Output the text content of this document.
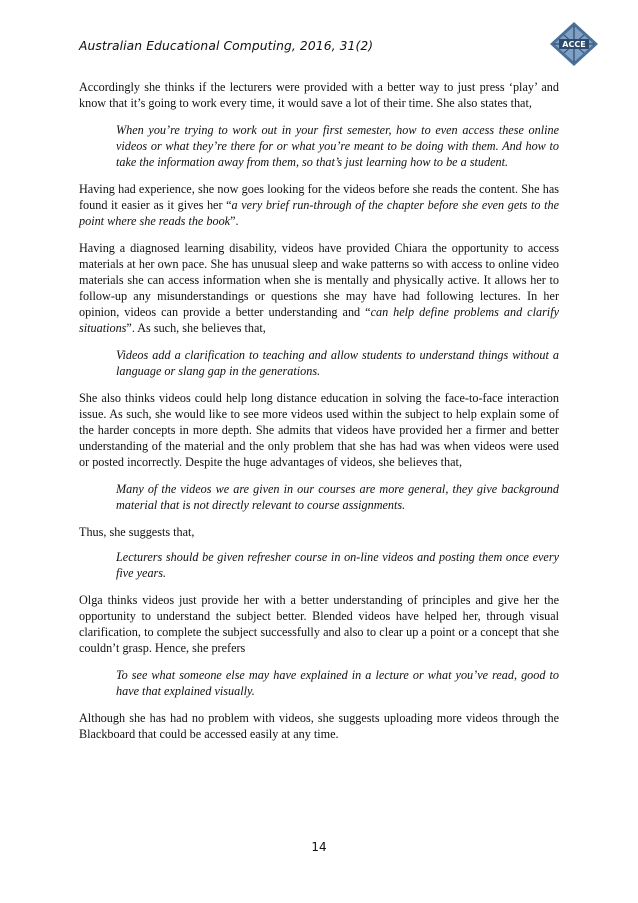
Australian Educational Computing, 2016, 31(2)	ACCE

Accordingly she thinks if the lecturers were provided with a better way to just press ‘play’ and know that it’s going to work every time, it would save a lot of their time. She also states that,

When you’re trying to work out in your first semester, how to even access these online videos or what they’re there for or what you’re meant to be doing with them. And how to take the information away from them, so that’s just learning how to be a student.

Having had experience, she now goes looking for the videos before she reads the content. She has found it easier as it gives her “a very brief run-through of the chapter before she even gets to the point where she reads the book”.

Having a diagnosed learning disability, videos have provided Chiara the opportunity to access materials at her own pace. She has unusual sleep and wake patterns so with access to online video materials she can access information when she is mentally and physically active. It allows her to follow-up any misunderstandings or questions she may have had following lectures. In her opinion, videos can provide a better understanding and “can help define problems and clarify situations”. As such, she believes that,

Videos add a clarification to teaching and allow students to understand things without a language or slang gap in the generations.

She also thinks videos could help long distance education in solving the face-to-face interaction issue. As such, she would like to see more videos used within the subject to help explain some of the harder concepts in more depth. She admits that videos have provided her a firmer and better understanding of the material and the only problem that she has had was when videos were used or posted incorrectly. Despite the huge advantages of videos, she believes that,

Many of the videos we are given in our courses are more general, they give background material that is not directly relevant to course assignments.

Thus, she suggests that,

Lecturers should be given refresher course in on-line videos and posting them once every five years.

Olga thinks videos just provide her with a better understanding of principles and give her the opportunity to understand the subject better. Blended videos have helped her, through visual clarification, to complete the subject successfully and also to clear up a point or a concept that she couldn’t grasp. Hence, she prefers

To see what someone else may have explained in a lecture or what you’ve read, good to have that explained visually.

Although she has had no problem with videos, she suggests uploading more videos through the Blackboard that could be accessed easily at any time.

14
